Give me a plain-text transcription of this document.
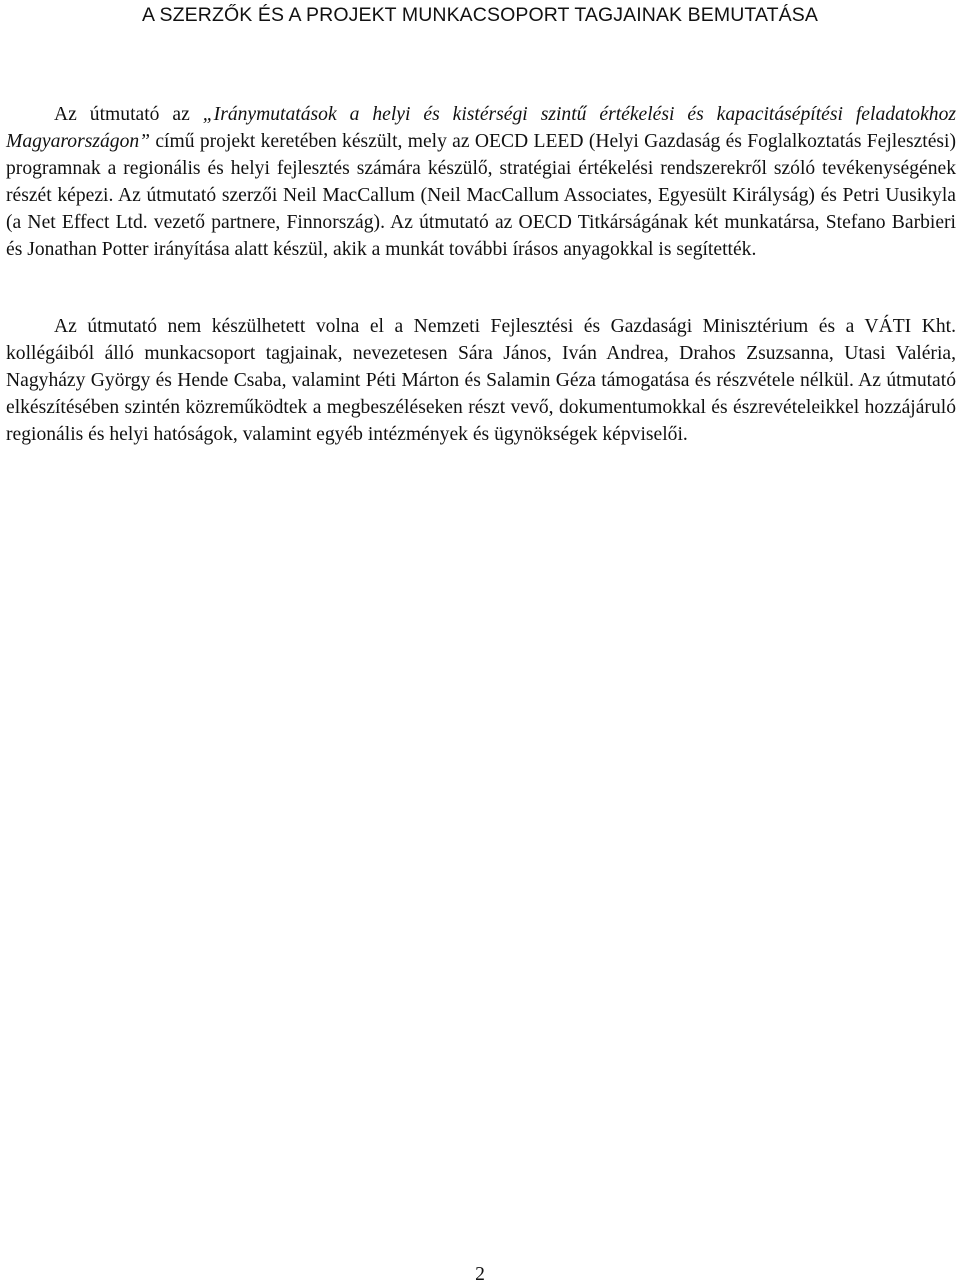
A SZERZŐK ÉS A PROJEKT MUNKACSOPORT TAGJAINAK BEMUTATÁSA

Az útmutató az „Iránymutatások a helyi és kistérségi szintű értékelési és kapacitásépítési feladatokhoz Magyarországon” című projekt keretében készült, mely az OECD LEED (Helyi Gazdaság és Foglalkoztatás Fejlesztési) programnak a regionális és helyi fejlesztés számára készülő, stratégiai értékelési rendszerekről szóló tevékenységének részét képezi. Az útmutató szerzői Neil MacCallum (Neil MacCallum Associates, Egyesült Királyság) és Petri Uusikyla (a Net Effect Ltd. vezető partnere, Finnország). Az útmutató az OECD Titkárságának két munkatársa, Stefano Barbieri és Jonathan Potter irányítása alatt készül, akik a munkát további írásos anyagokkal is segítették.

Az útmutató nem készülhetett volna el a Nemzeti Fejlesztési és Gazdasági Minisztérium és a VÁTI Kht. kollégáiból álló munkacsoport tagjainak, nevezetesen Sára János, Iván Andrea, Drahos Zsuzsanna, Utasi Valéria, Nagyházy György és Hende Csaba, valamint Péti Márton és Salamin Géza támogatása és részvétele nélkül. Az útmutató elkészítésében szintén közreműködtek a megbeszéléseken részt vevő, dokumentumokkal és észrevételeikkel hozzájáruló regionális és helyi hatóságok, valamint egyéb intézmények és ügynökségek képviselői.

2
